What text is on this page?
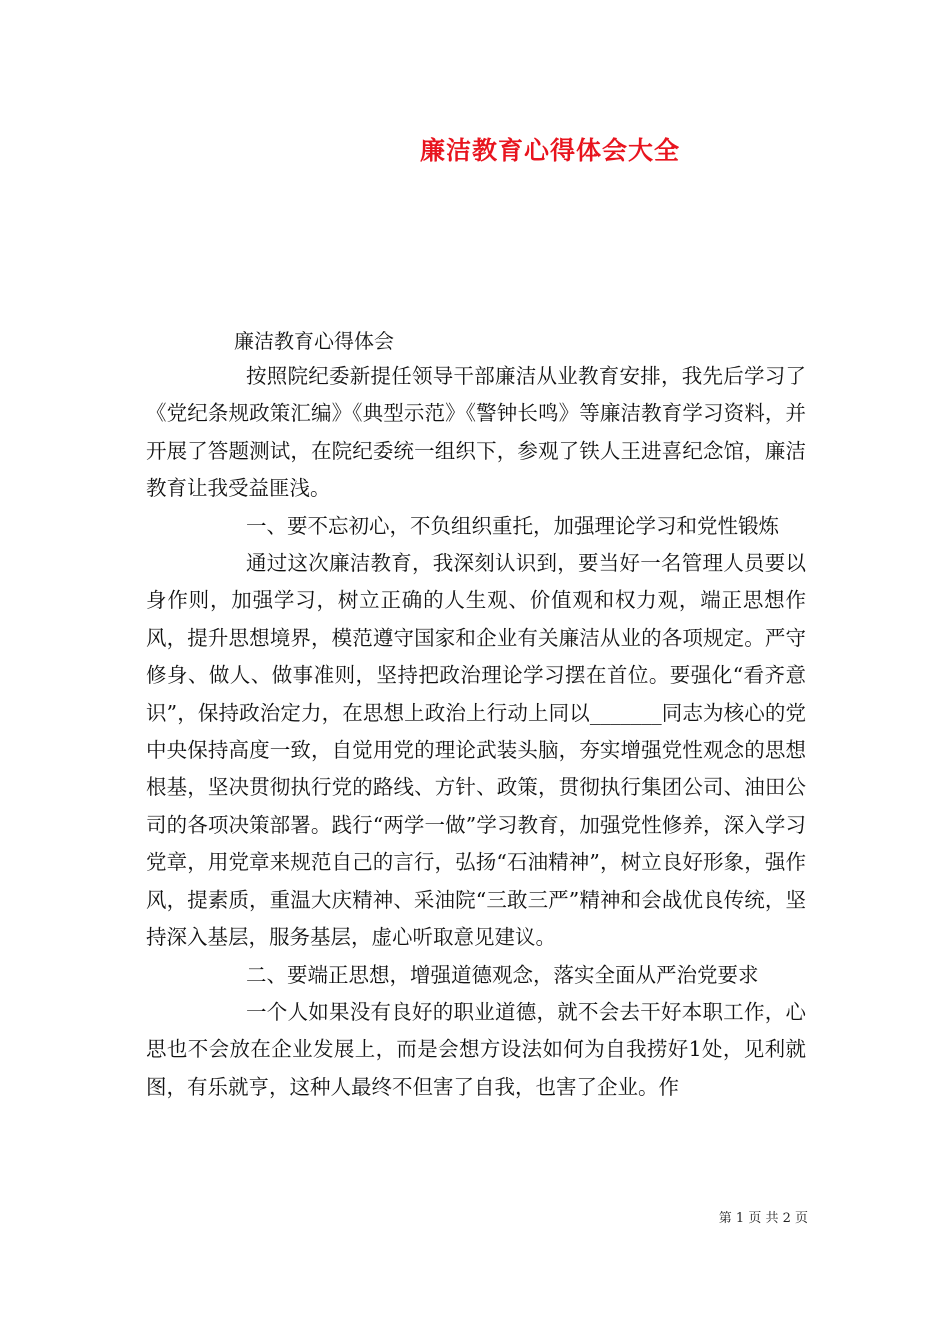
廉洁教育心得体会大全
廉洁教育心得体会

按照院纪委新提任领导干部廉洁从业教育安排，我先后学习了《党纪条规政策汇编》《典型示范》《警钟长鸣》等廉洁教育学习资料，并开展了答题测试，在院纪委统一组织下，参观了铁人王进喜纪念馆，廉洁教育让我受益匪浅。

一、要不忘初心，不负组织重托，加强理论学习和党性锻炼

通过这次廉洁教育，我深刻认识到，要当好一名管理人员要以身作则，加强学习，树立正确的人生观、价值观和权力观，端正思想作风，提升思想境界，模范遵守国家和企业有关廉洁从业的各项规定。严守修身、做人、做事准则，坚持把政治理论学习摆在首位。要强化“看齐意识”，保持政治定力，在思想上政治上行动上同以_______同志为核心的党中央保持高度一致，自觉用党的理论武装头脑，夯实增强党性观念的思想根基，坚决贯彻执行党的路线、方针、政策，贯彻执行集团公司、油田公司的各项决策部署。践行“两学一做”学习教育，加强党性修养，深入学习党章，用党章来规范自己的言行，弘扬“石油精神”，树立良好形象，强作风，提素质，重温大庆精神、采油院“三敢三严”精神和会战优良传统，坚持深入基层，服务基层，虚心听取意见建议。

二、要端正思想，增强道德观念，落实全面从严治党要求

一个人如果没有良好的职业道德，就不会去干好本职工作，心思也不会放在企业发展上，而是会想方设法如何为自我捞好1处，见利就图，有乐就亨，这种人最终不但害了自我，也害了企业。作

第 1 页 共 2 页
